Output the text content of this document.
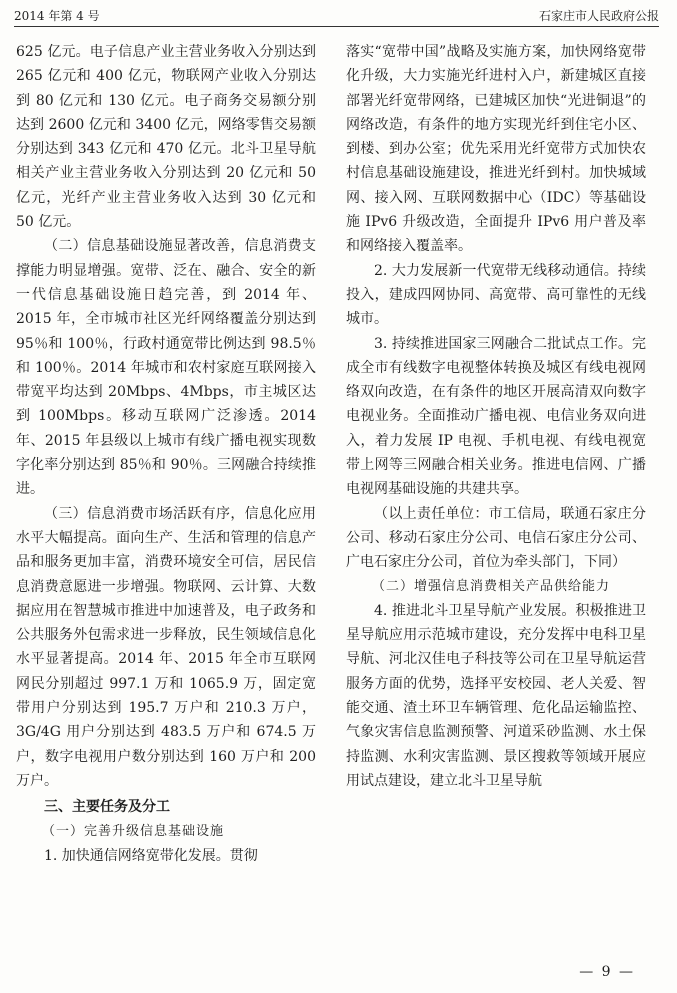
2014 年第 4 号	石家庄市人民政府公报

625 亿元。电子信息产业主营业务收入分别达到 265 亿元和 400 亿元，物联网产业收入分别达到 80 亿元和 130 亿元。电子商务交易额分别达到 2600 亿元和 3400 亿元，网络零售交易额分别达到 343 亿元和 470 亿元。北斗卫星导航相关产业主营业务收入分别达到 20 亿元和 50 亿元，光纤产业主营业务收入达到 30 亿元和 50 亿元。

（二）信息基础设施显著改善，信息消费支撑能力明显增强。宽带、泛在、融合、安全的新一代信息基础设施日趋完善，到 2014 年、2015 年，全市城市社区光纤网络覆盖分别达到 95％和 100％，行政村通宽带比例达到 98.5％和 100％。2014 年城市和农村家庭互联网接入带宽平均达到 20Mbps、4Mbps，市主城区达到 100Mbps。移动互联网广泛渗透。2014 年、2015 年县级以上城市有线广播电视实现数字化率分别达到 85％和 90％。三网融合持续推进。

（三）信息消费市场活跃有序，信息化应用水平大幅提高。面向生产、生活和管理的信息产品和服务更加丰富，消费环境安全可信，居民信息消费意愿进一步增强。物联网、云计算、大数据应用在智慧城市推进中加速普及，电子政务和公共服务外包需求进一步释放，民生领域信息化水平显著提高。2014 年、2015 年全市互联网网民分别超过 997.1 万和 1065.9 万，固定宽带用户分别达到 195.7 万户和 210.3 万户，3G/4G 用户分别达到 483.5 万户和 674.5 万户，数字电视用户数分别达到 160 万户和 200 万户。

三、主要任务及分工

（一）完善升级信息基础设施

1. 加快通信网络宽带化发展。贯彻

落实“宽带中国”战略及实施方案，加快网络宽带化升级，大力实施光纤进村入户，新建城区直接部署光纤宽带网络，已建城区加快“光进铜退”的网络改造，有条件的地方实现光纤到住宅小区、到楼、到办公室；优先采用光纤宽带方式加快农村信息基础设施建设，推进光纤到村。加快城域网、接入网、互联网数据中心（IDC）等基础设施 IPv6 升级改造，全面提升 IPv6 用户普及率和网络接入覆盖率。

2. 大力发展新一代宽带无线移动通信。持续投入，建成四网协同、高宽带、高可靠性的无线城市。

3. 持续推进国家三网融合二批试点工作。完成全市有线数字电视整体转换及城区有线电视网络双向改造，在有条件的地区开展高清双向数字电视业务。全面推动广播电视、电信业务双向进入，着力发展 IP 电视、手机电视、有线电视宽带上网等三网融合相关业务。推进电信网、广播电视网基础设施的共建共享。

（以上责任单位：市工信局，联通石家庄分公司、移动石家庄分公司、电信石家庄分公司、广电石家庄分公司，首位为牵头部门，下同）

（二）增强信息消费相关产品供给能力

4. 推进北斗卫星导航产业发展。积极推进卫星导航应用示范城市建设，充分发挥中电科卫星导航、河北汉佳电子科技等公司在卫星导航运营服务方面的优势，选择平安校园、老人关爱、智能交通、渣土环卫车辆管理、危化品运输监控、气象灾害信息监测预警、河道采砂监测、水土保持监测、水利灾害监测、景区搜救等领域开展应用试点建设，建立北斗卫星导航

— 9 —
